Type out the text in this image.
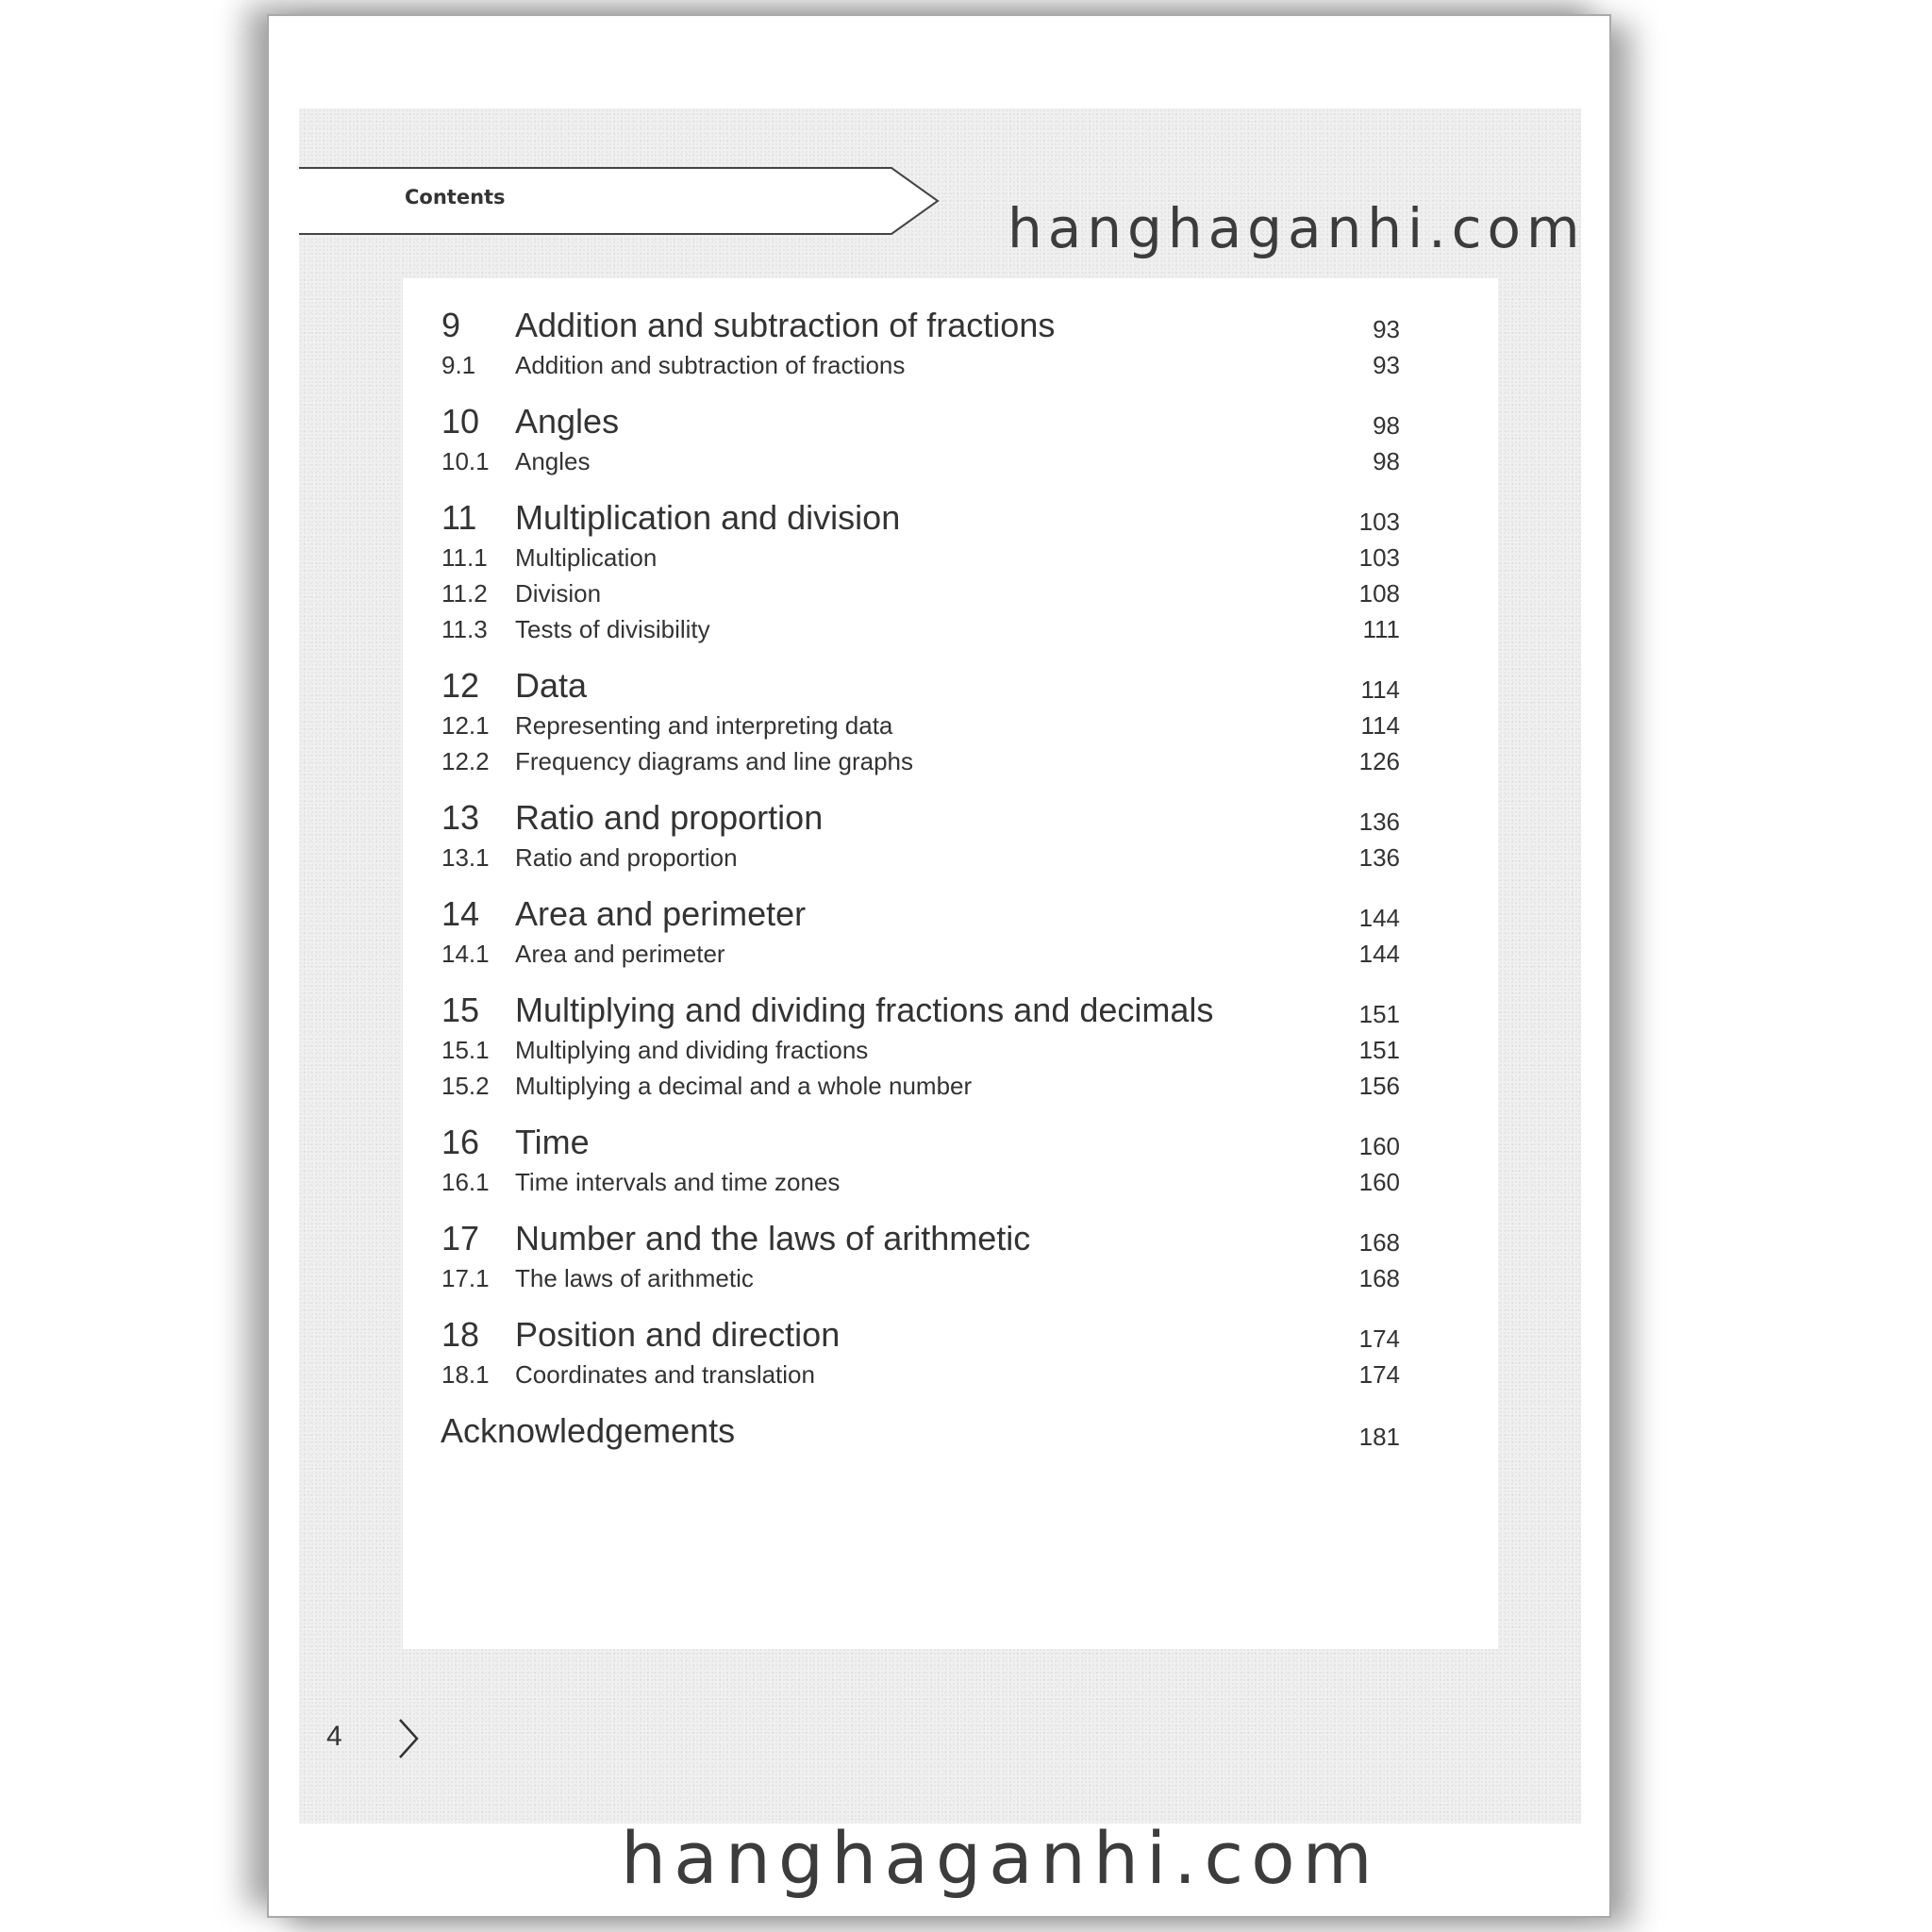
Contents	hanghaganhi.com
9 Addition and subtraction of fractions	93
9.1 Addition and subtraction of fractions	93
10 Angles	98
10.1 Angles	98
11 Multiplication and division	103
11.1 Multiplication	103
11.2 Division	108
11.3 Tests of divisibility	111
12 Data	114
12.1 Representing and interpreting data	114
12.2 Frequency diagrams and line graphs	126
13 Ratio and proportion	136
13.1 Ratio and proportion	136
14 Area and perimeter	144
14.1 Area and perimeter	144
15 Multiplying and dividing fractions and decimals	151
15.1 Multiplying and dividing fractions	151
15.2 Multiplying a decimal and a whole number	156
16 Time	160
16.1 Time intervals and time zones	160
17 Number and the laws of arithmetic	168
17.1 The laws of arithmetic	168
18 Position and direction	174
18.1 Coordinates and translation	174
Acknowledgements	181
4
hanghaganhi.com
